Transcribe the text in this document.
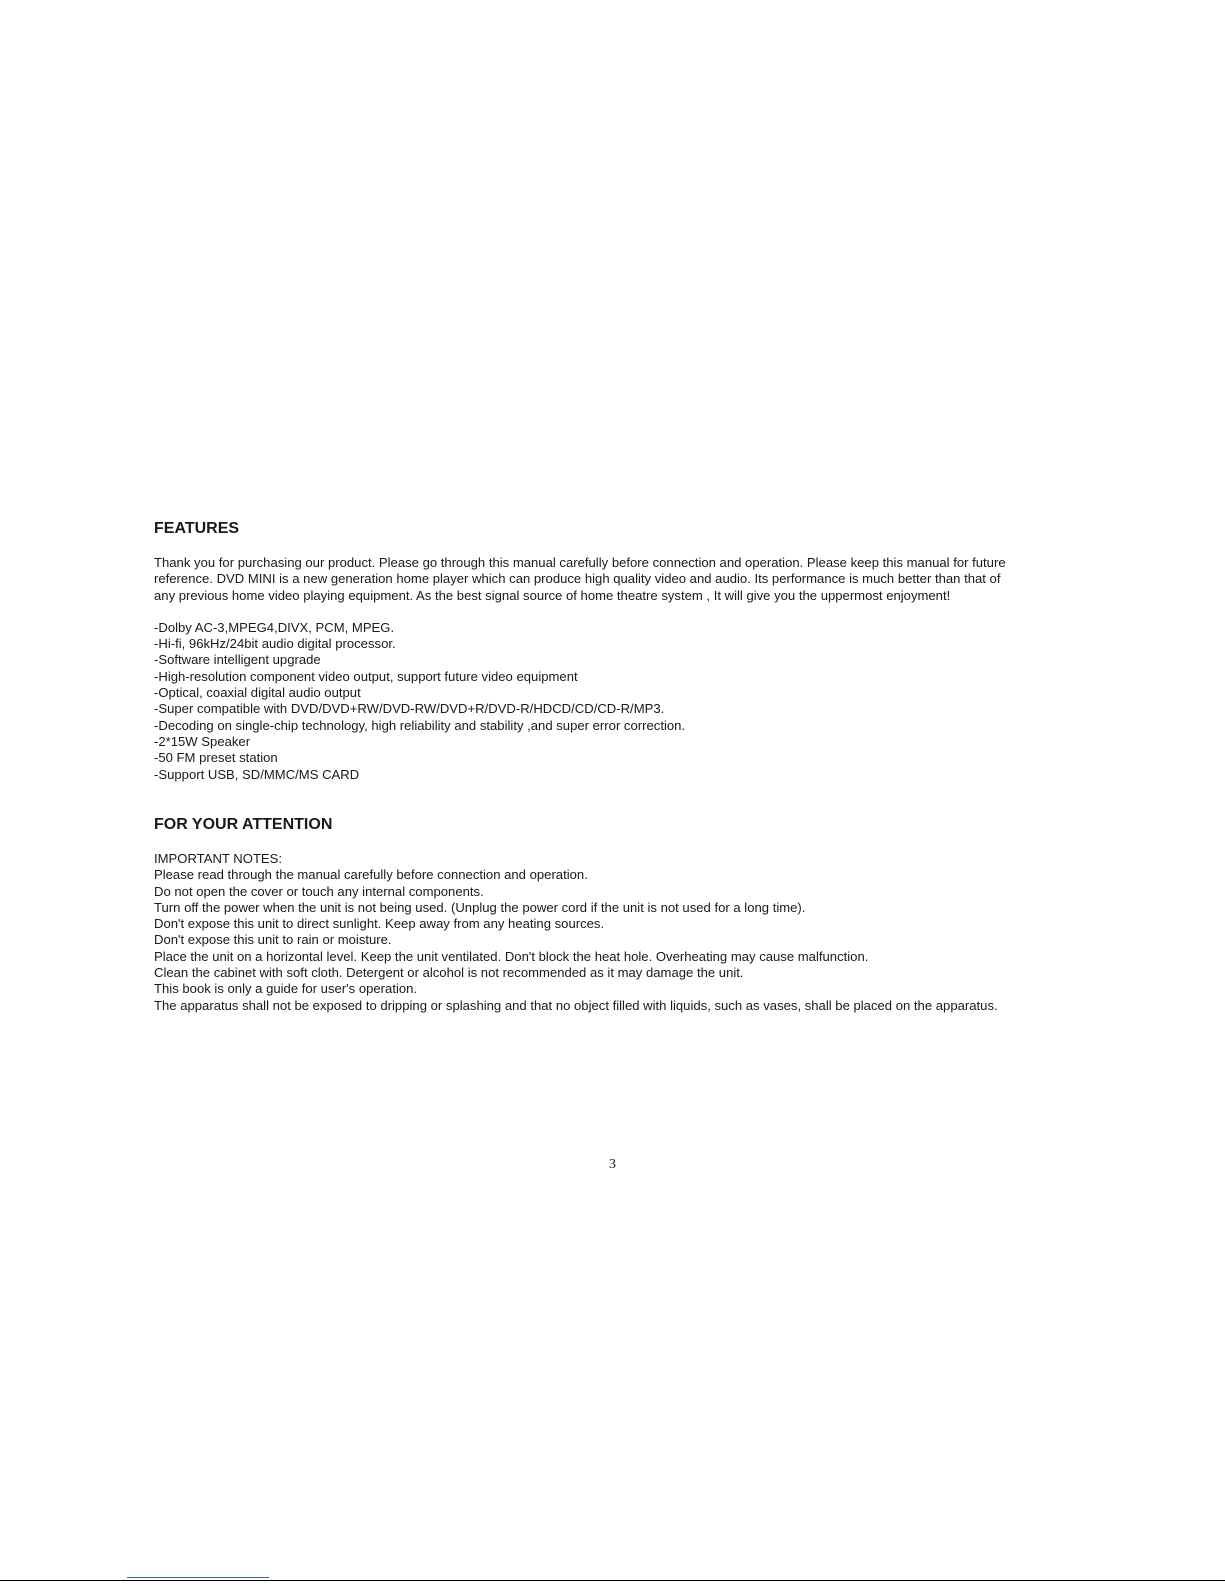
FEATURES

Thank you for purchasing our product. Please go through this manual carefully before connection and operation. Please keep this manual for future
reference. DVD MINI is a new generation home player which can produce high quality video and audio. Its performance is much better than that of
any previous home video playing equipment. As the best signal source of home theatre system , It will give you the uppermost enjoyment!

-Dolby AC-3,MPEG4,DIVX, PCM, MPEG.
-Hi-fi, 96kHz/24bit audio digital processor.
-Software intelligent upgrade
-High-resolution component video output, support future video equipment
-Optical, coaxial digital audio output
-Super compatible with DVD/DVD+RW/DVD-RW/DVD+R/DVD-R/HDCD/CD/CD-R/MP3.
-Decoding on single-chip technology, high reliability and stability ,and super error correction.
-2*15W Speaker
-50 FM preset station
-Support USB, SD/MMC/MS CARD
FOR YOUR ATTENTION

IMPORTANT NOTES:

Please read through the manual carefully before connection and operation.
Do not open the cover or touch any internal components.
Turn off the power when the unit is not being used. (Unplug the power cord if the unit is not used for a long time).
Don't expose this unit to direct sunlight. Keep away from any heating sources.
Don't expose this unit to rain or moisture.
Place the unit on a horizontal level. Keep the unit ventilated. Don't block the heat hole. Overheating may cause malfunction.
Clean the cabinet with soft cloth. Detergent or alcohol is not recommended as it may damage the unit.
This book is only a guide for user's operation.
The apparatus shall not be exposed to dripping or splashing and that no object filled with liquids, such as vases, shall be placed on the apparatus.
3
